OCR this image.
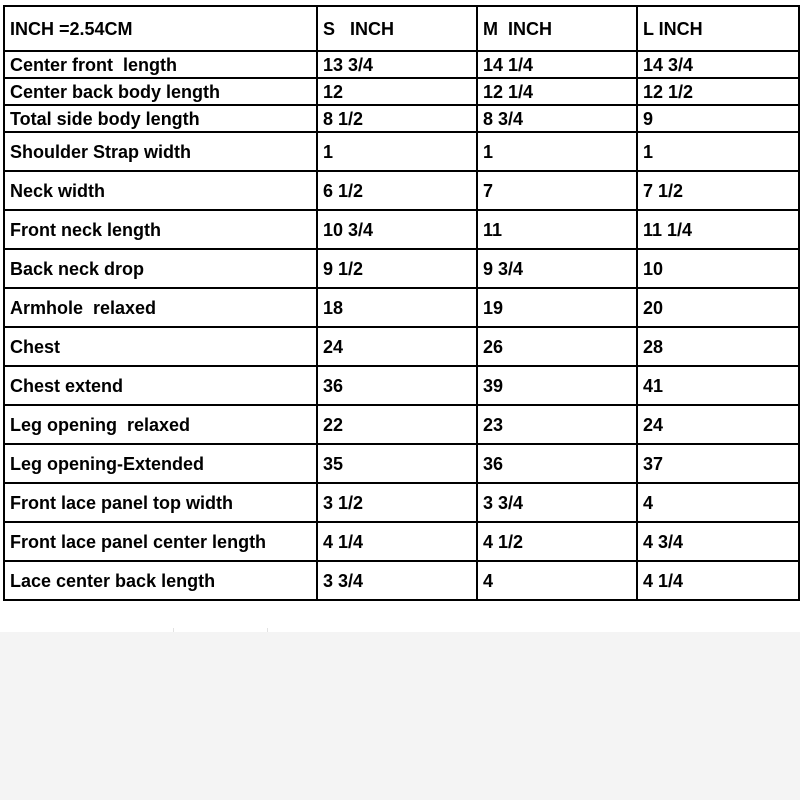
INCH =2.54CM	S   INCH	M  INCH	L INCH
Center front  length	13 3/4	14 1/4	14 3/4
Center back body length	12	12 1/4	12 1/2
Total side body length	8 1/2	8 3/4	9
Shoulder Strap width	1	1	1
Neck width	6 1/2	7	7 1/2
Front neck length	10 3/4	11	11 1/4
Back neck drop	9 1/2	9 3/4	10
Armhole  relaxed	18	19	20
Chest	24	26	28
Chest extend	36	39	41
Leg opening  relaxed	22	23	24
Leg opening-Extended	35	36	37
Front lace panel top width	3 1/2	3 3/4	4
Front lace panel center length	4 1/4	4 1/2	4 3/4
Lace center back length	3 3/4	4	4 1/4
